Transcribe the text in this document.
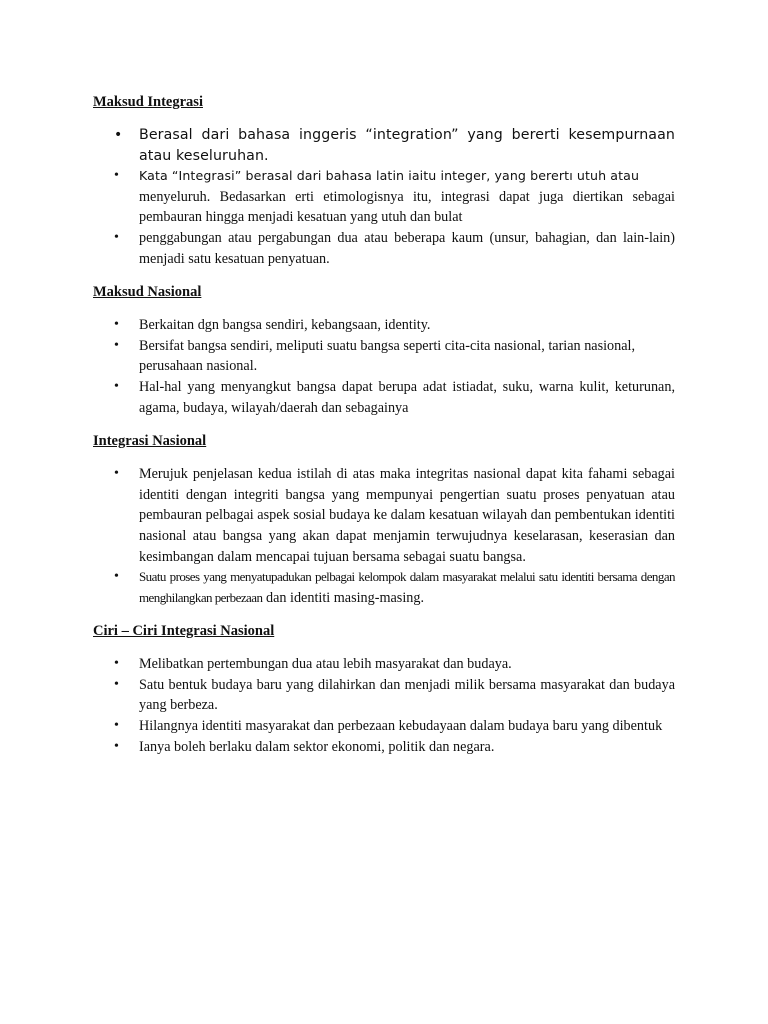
Maksud Integrasi
• Berasal dari bahasa inggeris “integration” yang bererti kesempurnaan atau keseluruhan.
• Kata “Integrasi” berasal dari bahasa latin iaitu integer, yang berertı utuh atau
menyeluruh. Bedasarkan erti etimologisnya itu, integrasi dapat juga diertikan sebagai pembauran hingga menjadi kesatuan yang utuh dan bulat
• penggabungan atau pergabungan dua atau beberapa kaum (unsur, bahagian, dan lain-lain) menjadi satu kesatuan penyatuan.
Maksud Nasional
• Berkaitan dgn bangsa sendiri, kebangsaan, identity.
• Bersifat bangsa sendiri, meliputi suatu bangsa seperti cita-cita nasional, tarian nasional,
perusahaan nasional.
• Hal-hal yang menyangkut bangsa dapat berupa adat istiadat, suku, warna kulit, keturunan, agama, budaya, wilayah/daerah dan sebagainya
Integrasi Nasional
• Merujuk penjelasan kedua istilah di atas maka integritas nasional dapat kita fahami sebagai identiti dengan integriti bangsa yang mempunyai pengertian suatu proses penyatuan atau pembauran pelbagai aspek sosial budaya ke dalam kesatuan wilayah dan pembentukan identiti nasional atau bangsa yang akan dapat menjamin terwujudnya keselarasan, keserasian dan kesimbangan dalam mencapai tujuan bersama sebagai suatu bangsa.
• Suatu proses yang menyatupadukan pelbagai kelompok dalam masyarakat melalui satu identiti bersama dengan menghilangkan perbezaan dan identiti masing-masing.
Ciri – Ciri Integrasi Nasional
• Melibatkan pertembungan dua atau lebih masyarakat dan budaya.
• Satu bentuk budaya baru yang dilahirkan dan menjadi milik bersama masyarakat dan budaya yang berbeza.
• Hilangnya identiti masyarakat dan perbezaan kebudayaan dalam budaya baru yang dibentuk
• Ianya boleh berlaku dalam sektor ekonomi, politik dan negara.
